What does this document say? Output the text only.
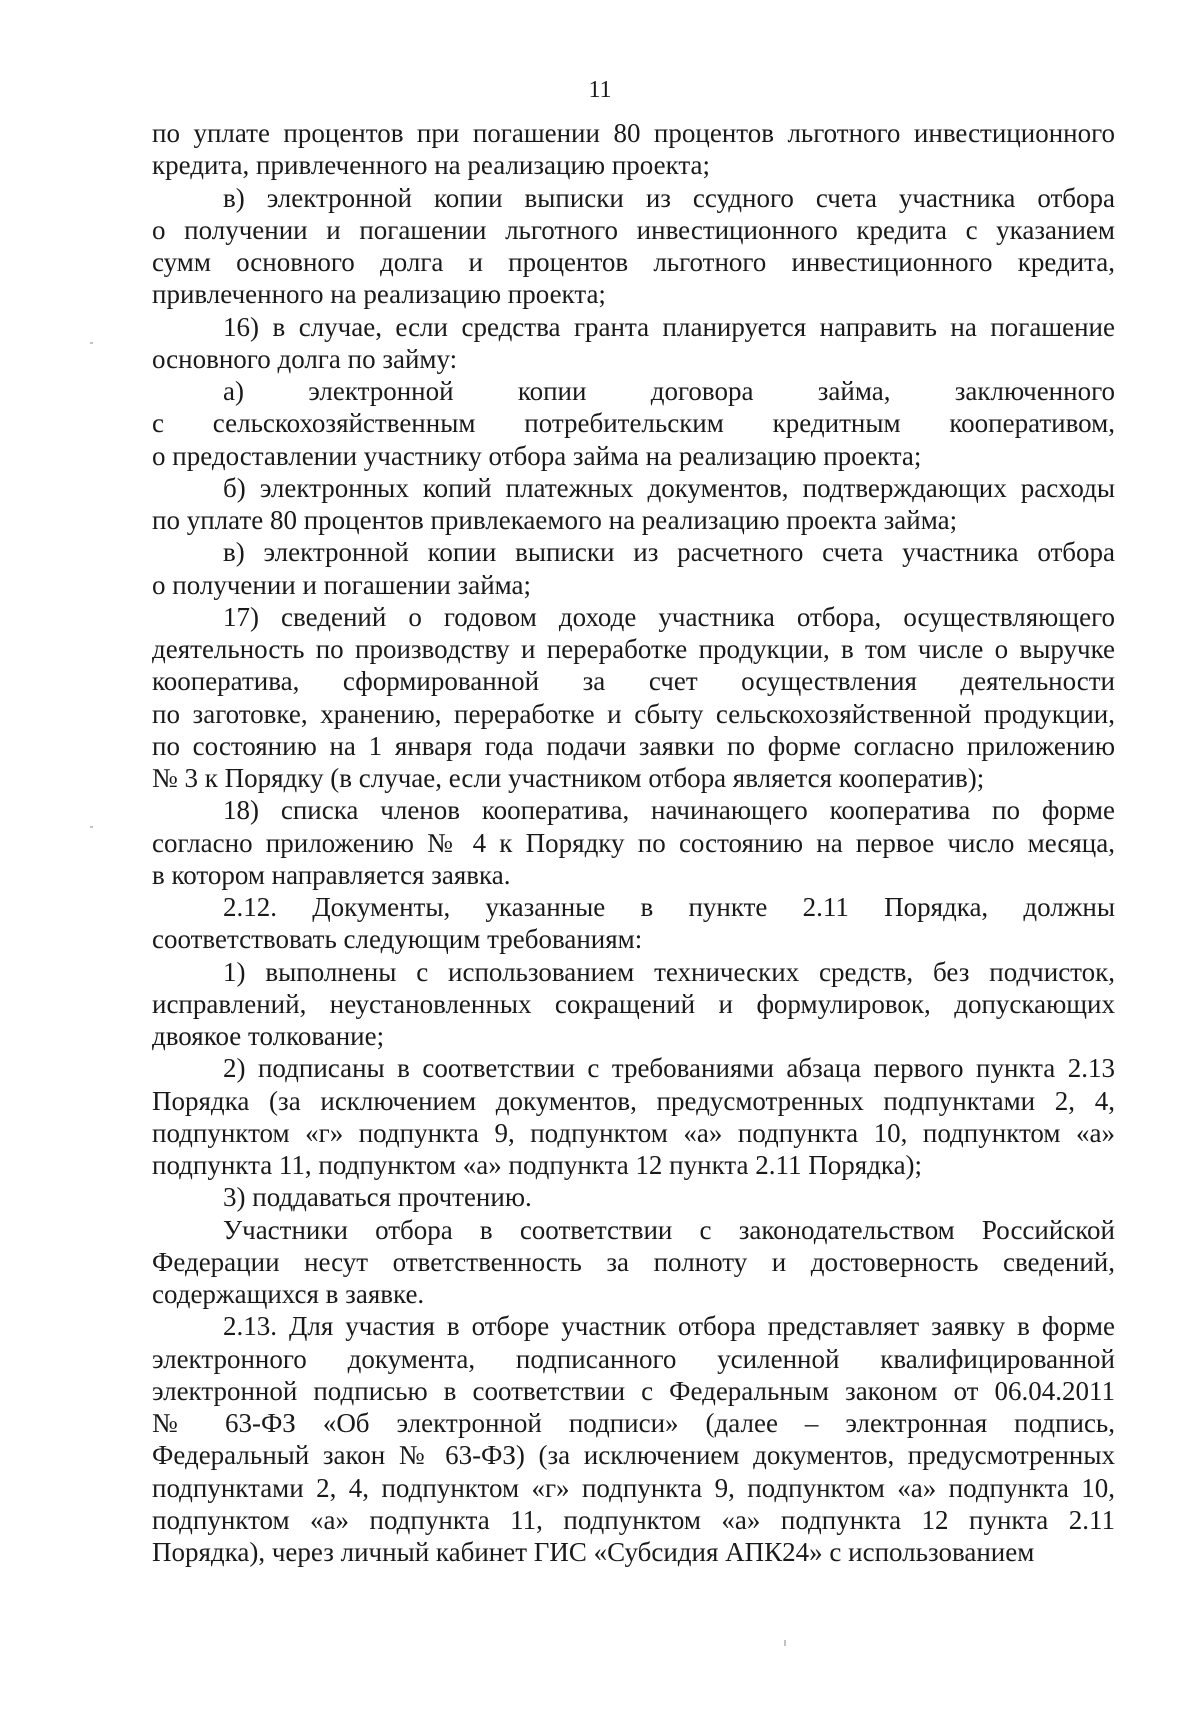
11

по уплате процентов при погашении 80 процентов льготного инвестиционного
кредита, привлеченного на реализацию проекта;

в) электронной копии выписки из ссудного счета участника отбора
о получении и погашении льготного инвестиционного кредита с указанием
сумм основного долга и процентов льготного инвестиционного кредита,
привлеченного на реализацию проекта;

16) в случае, если средства гранта планируется направить на погашение
основного долга по займу:

а) электронной копии договора займа, заключенного
с сельскохозяйственным потребительским кредитным кооперативом,
о предоставлении участнику отбора займа на реализацию проекта;

б) электронных копий платежных документов, подтверждающих расходы
по уплате 80 процентов привлекаемого на реализацию проекта займа;

в) электронной копии выписки из расчетного счета участника отбора
о получении и погашении займа;

17) сведений о годовом доходе участника отбора, осуществляющего
деятельность по производству и переработке продукции, в том числе о выручке
кооператива, сформированной за счет осуществления деятельности
по заготовке, хранению, переработке и сбыту сельскохозяйственной продукции,
по состоянию на 1 января года подачи заявки по форме согласно приложению
№ 3 к Порядку (в случае, если участником отбора является кооператив);

18) списка членов кооператива, начинающего кооператива по форме
согласно приложению № 4 к Порядку по состоянию на первое число месяца,
в котором направляется заявка.

2.12. Документы, указанные в пункте 2.11 Порядка, должны
соответствовать следующим требованиям:

1) выполнены с использованием технических средств, без подчисток,
исправлений, неустановленных сокращений и формулировок, допускающих
двоякое толкование;

2) подписаны в соответствии с требованиями абзаца первого пункта 2.13
Порядка (за исключением документов, предусмотренных подпунктами 2, 4,
подпунктом «г» подпункта 9, подпунктом «а» подпункта 10, подпунктом «а»
подпункта 11, подпунктом «а» подпункта 12 пункта 2.11 Порядка);

3) поддаваться прочтению.

Участники отбора в соответствии с законодательством Российской
Федерации несут ответственность за полноту и достоверность сведений,
содержащихся в заявке.

2.13. Для участия в отборе участник отбора представляет заявку в форме
электронного документа, подписанного усиленной квалифицированной
электронной подписью в соответствии с Федеральным законом от 06.04.2011
№ 63-ФЗ «Об электронной подписи» (далее – электронная подпись,
Федеральный закон № 63-ФЗ) (за исключением документов, предусмотренных
подпунктами 2, 4, подпунктом «г» подпункта 9, подпунктом «а» подпункта 10,
подпунктом «а» подпункта 11, подпунктом «а» подпункта 12 пункта 2.11
Порядка), через личный кабинет ГИС «Субсидия АПК24» с использованием
